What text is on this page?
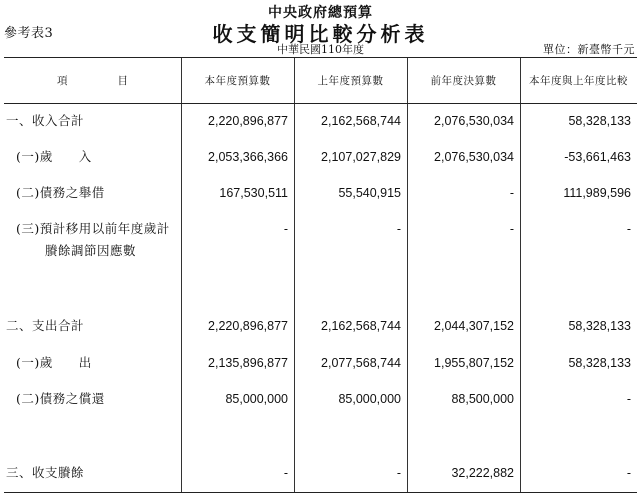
中央政府總預算
參考表3	收支簡明比較分析表
中華民國110年度	單位：新臺幣千元
項	目	本年度預算數	上年度預算數	前年度決算數	本年度與上年度比較
一、收入合計	2,220,896,877	2,162,568,744	2,076,530,034	58,328,133
(一)歲　　入	2,053,366,366	2,107,027,829	2,076,530,034	-53,661,463
(二)債務之舉借	167,530,511	55,540,915	-	111,989,596
(三)預計移用以前年度歲計
賸餘調節因應數
-	-	-	-
二、支出合計	2,220,896,877	2,162,568,744	2,044,307,152	58,328,133
(一)歲　　出	2,135,896,877	2,077,568,744	1,955,807,152	58,328,133
(二)債務之償還	85,000,000	85,000,000	88,500,000	-
三、收支賸餘	-	-	32,222,882	-
